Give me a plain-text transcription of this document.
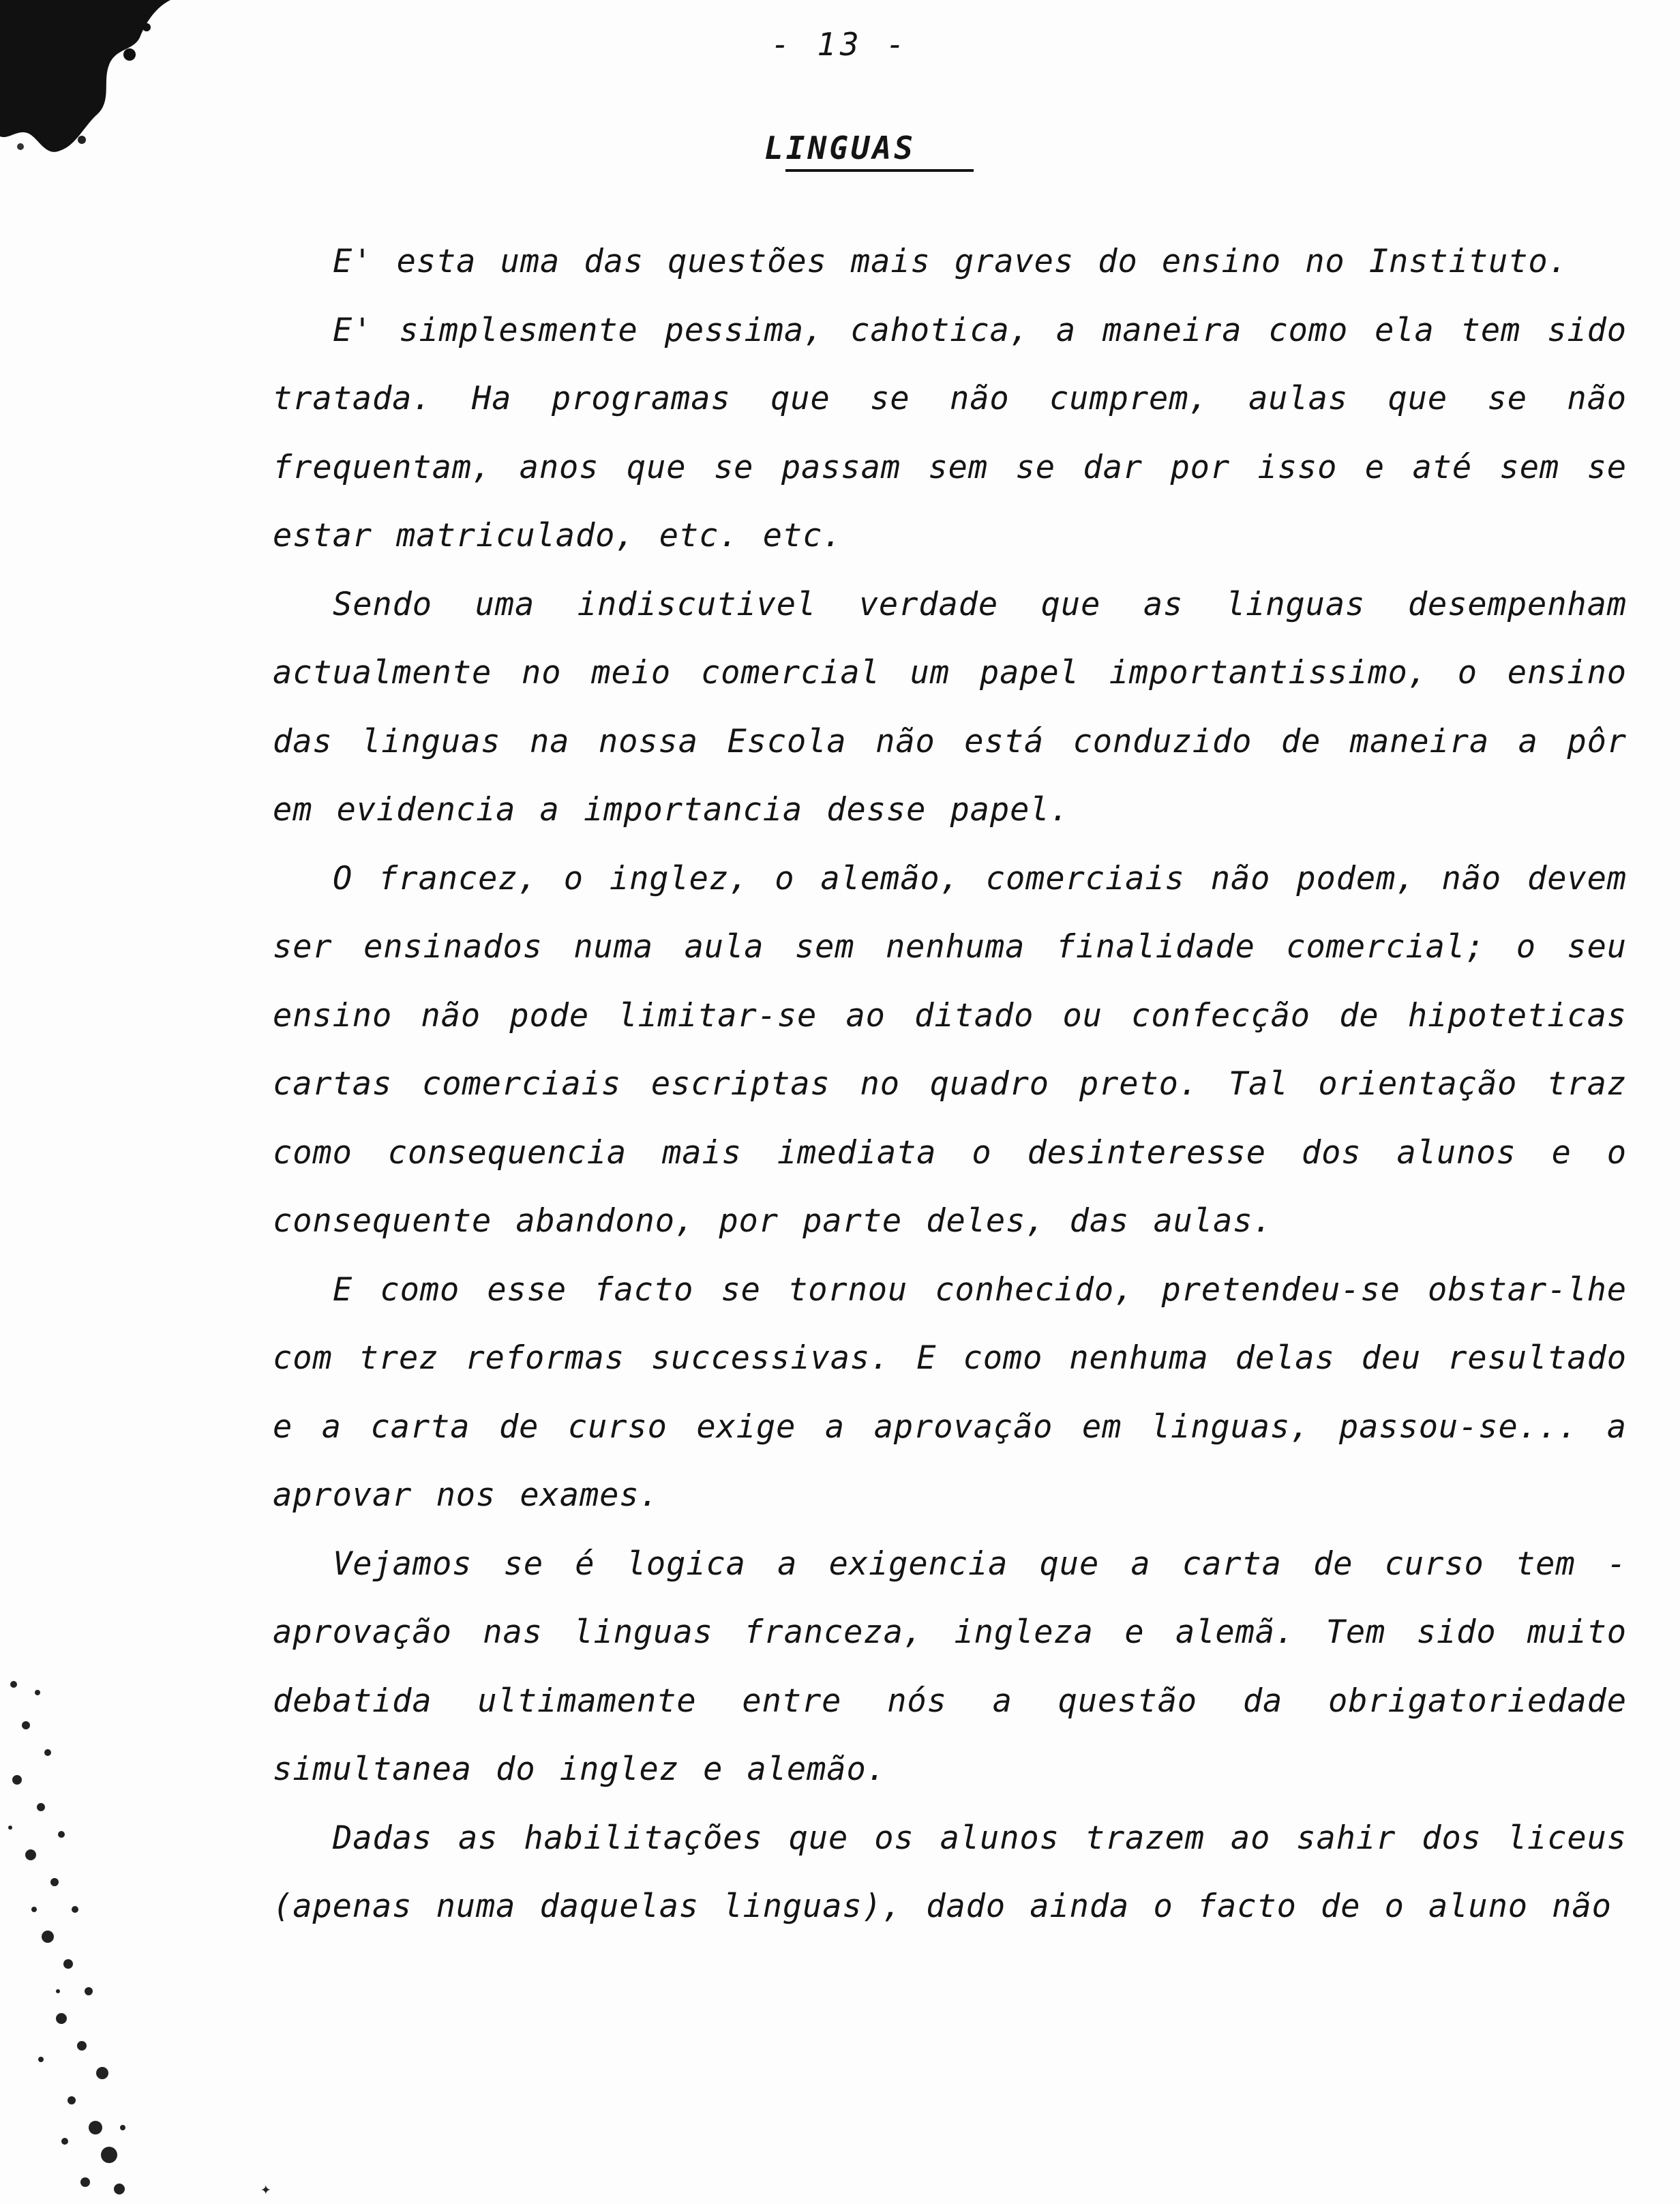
- 13 -
LINGUAS

E' esta uma das questões mais graves do ensino no Instituto.

E' simplesmente pessima, cahotica, a maneira como ela tem sido tratada. Ha programas que se não cumprem, aulas que se não frequentam, anos que se passam sem se dar por isso e até sem se estar matriculado, etc. etc.

Sendo uma indiscutivel verdade que as linguas desempenham actualmente no meio comercial um papel importantissimo, o ensino das linguas na nossa Escola não está conduzido de maneira a pôr em evidencia a importancia desse papel.

O francez, o inglez, o alemão, comerciais não podem, não devem ser ensinados numa aula sem nenhuma finalidade comercial; o seu ensino não pode limitar-se ao ditado ou confecção de hipoteticas cartas comerciais escriptas no quadro preto. Tal orientação traz como consequencia mais imediata o desinteresse dos alunos e o consequente abandono, por parte deles, das aulas.

E como esse facto se tornou conhecido, pretendeu-se obstar-lhe com trez reformas successivas. E como nenhuma delas deu resultado e a carta de curso exige a aprovação em linguas, passou-se... a aprovar nos exames.

Vejamos se é logica a exigencia que a carta de curso tem - aprovação nas linguas franceza, ingleza e alemã. Tem sido muito debatida ultimamente entre nós a questão da obrigatoriedade simultanea do inglez e alemão.

Dadas as habilitações que os alunos trazem ao sahir dos liceus (apenas numa daquelas linguas), dado ainda o facto de o aluno não

✦
